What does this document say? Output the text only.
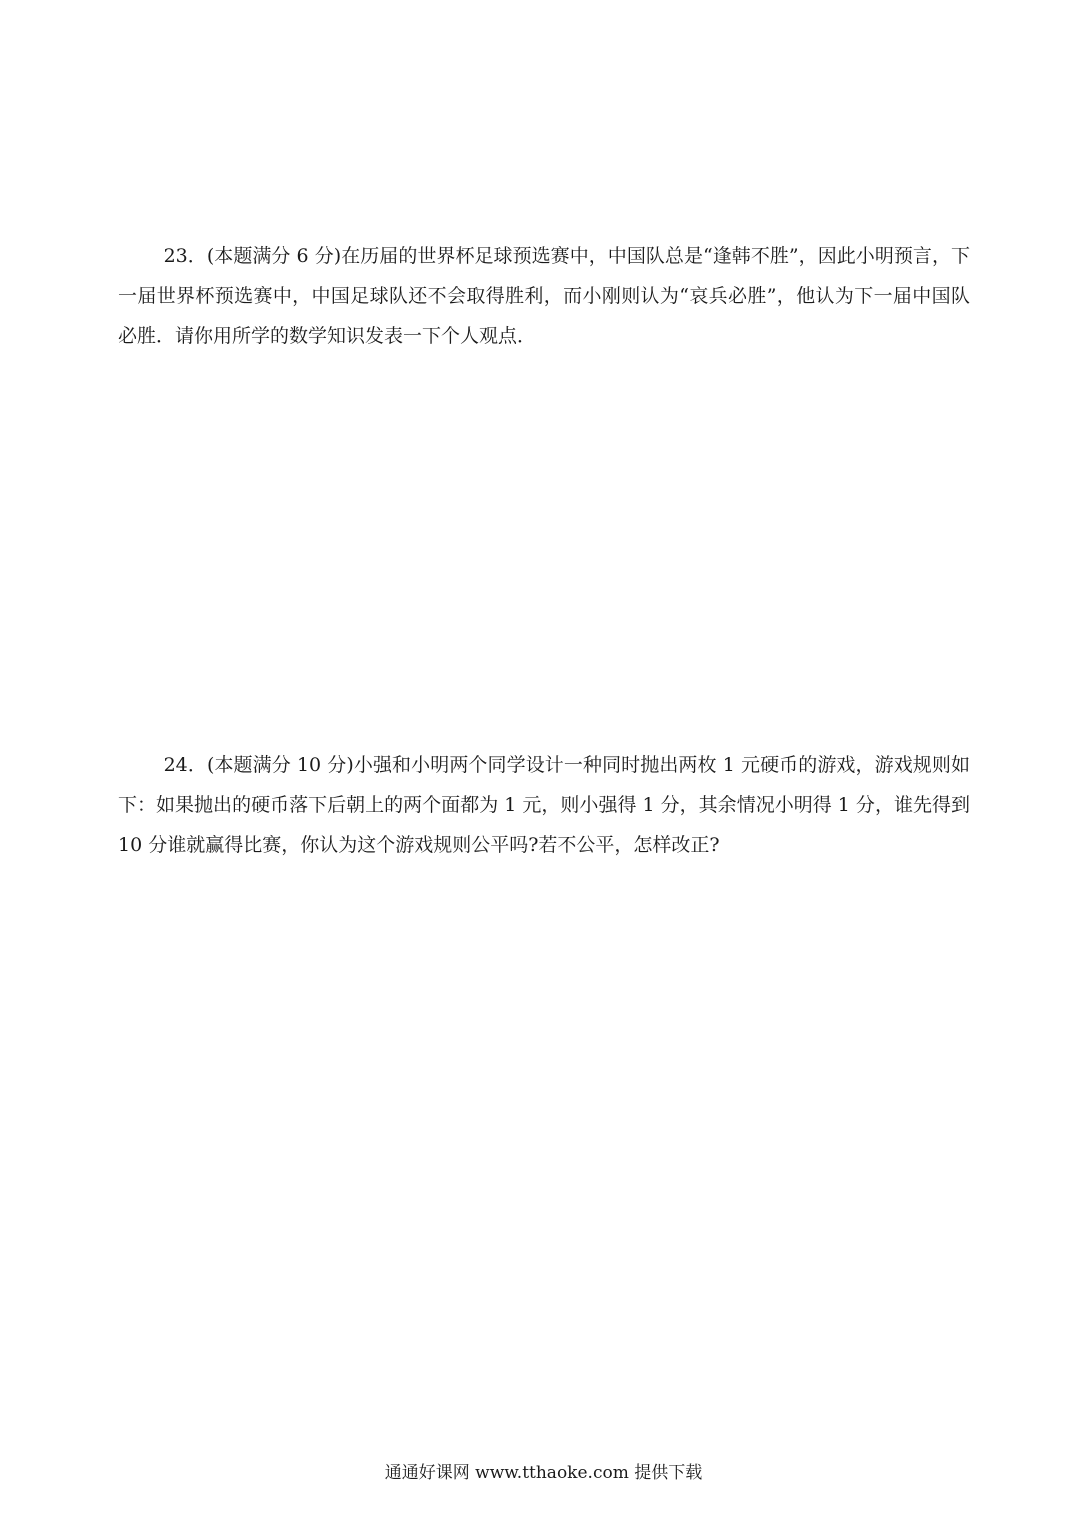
23．(本题满分 6 分)在历届的世界杯足球预选赛中，中国队总是“逢韩不胜”，因此小明预言，下一届世界杯预选赛中，中国足球队还不会取得胜利，而小刚则认为“哀兵必胜”，他认为下一届中国队必胜．请你用所学的数学知识发表一下个人观点．

24．(本题满分 10 分)小强和小明两个同学设计一种同时抛出两枚 1 元硬币的游戏，游戏规则如下：如果抛出的硬币落下后朝上的两个面都为 1 元，则小强得 1 分，其余情况小明得 1 分，谁先得到 10 分谁就赢得比赛，你认为这个游戏规则公平吗?若不公平，怎样改正?

通通好课网 www.tthaoke.com 提供下载
